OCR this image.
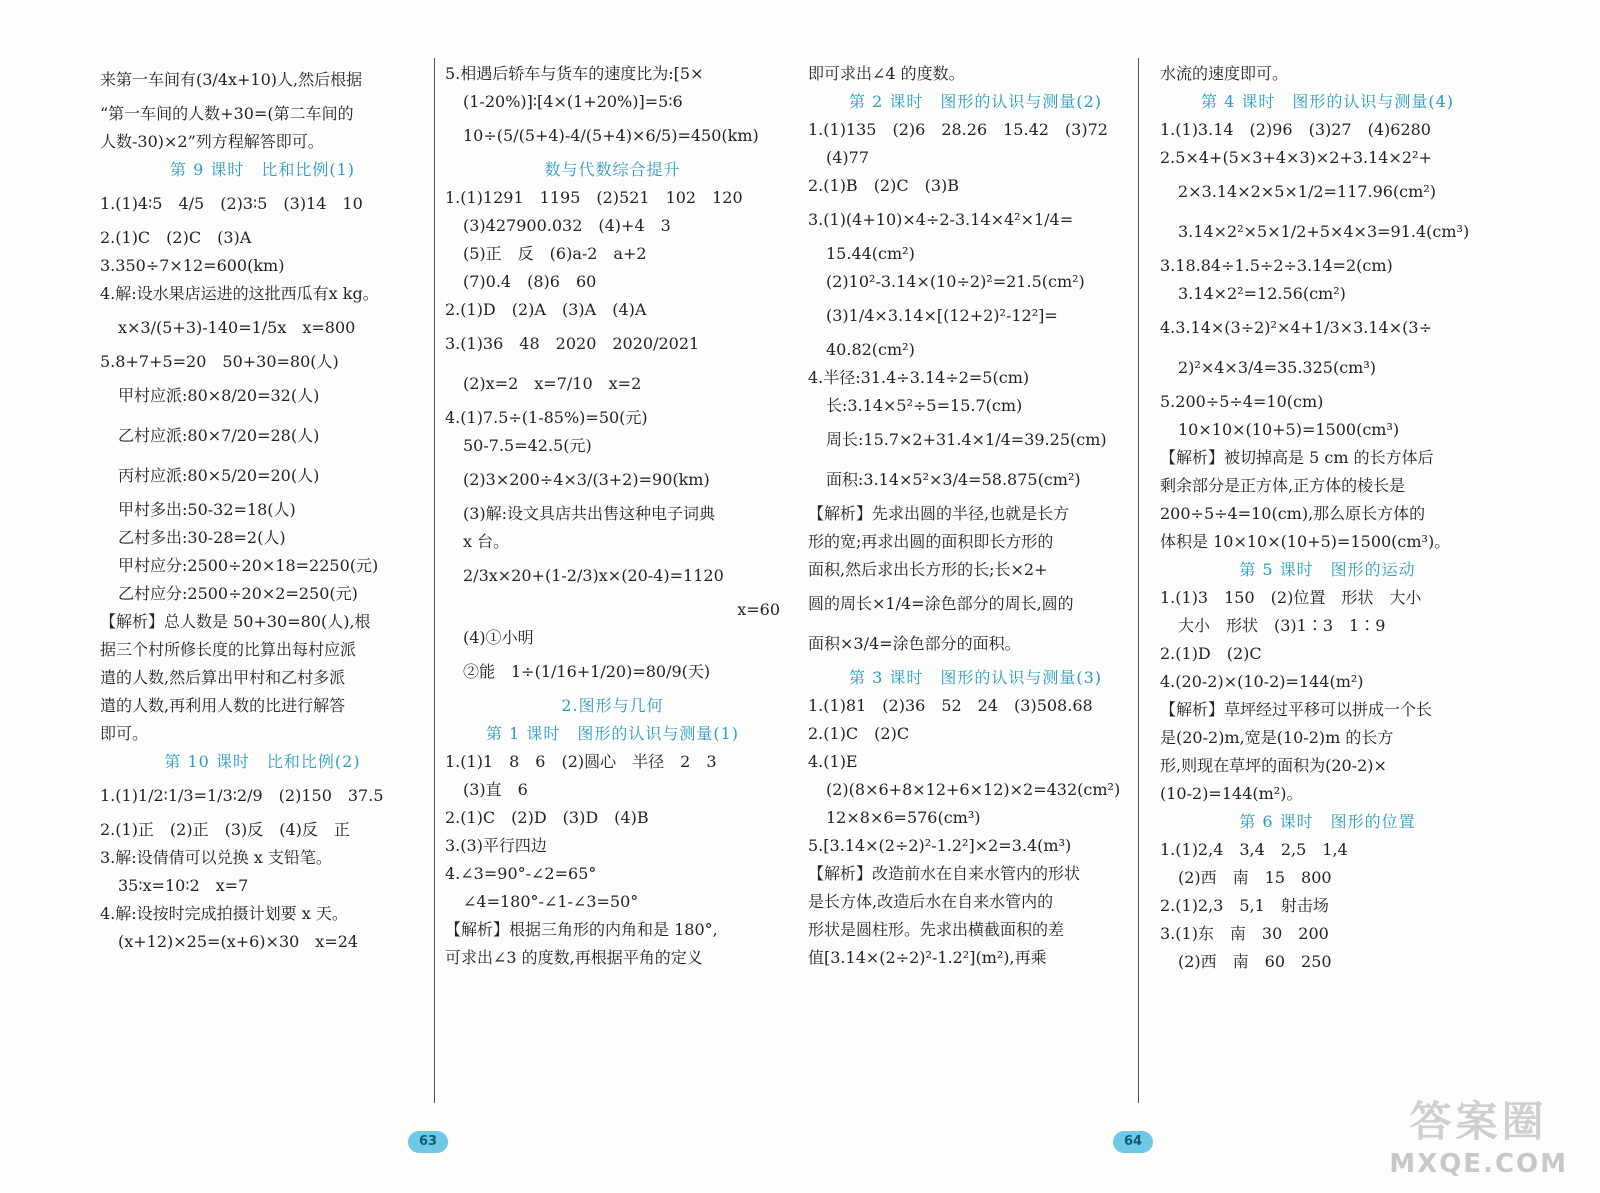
来第一车间有(3/4x+10)人,然后根据
“第一车间的人数+30=(第二车间的
人数-30)×2”列方程解答即可。
第 9 课时　比和比例(1)
1.(1)4∶5　4/5　(2)3∶5　(3)14　10
2.(1)C　(2)C　(3)A
3.350÷7×12=600(km)
4.解:设水果店运进的这批西瓜有x kg。
x×3/(5+3)-140=1/5x　x=800
5.8+7+5=20　50+30=80(人)
甲村应派:80×8/20=32(人)
乙村应派:80×7/20=28(人)
丙村应派:80×5/20=20(人)
甲村多出:50-32=18(人)
乙村多出:30-28=2(人)
甲村应分:2500÷20×18=2250(元)
乙村应分:2500÷20×2=250(元)
【解析】总人数是 50+30=80(人),根
据三个村所修长度的比算出每村应派
遣的人数,然后算出甲村和乙村多派
遣的人数,再利用人数的比进行解答
即可。
第 10 课时　比和比例(2)
1.(1)1/2∶1/3=1/3∶2/9　(2)150　37.5
2.(1)正　(2)正　(3)反　(4)反　正
3.解:设倩倩可以兑换 x 支铅笔。
35∶x=10∶2　x=7
4.解:设按时完成拍摄计划要 x 天。
(x+12)×25=(x+6)×30　x=24
5.相遇后轿车与货车的速度比为:[5×
(1-20%)]∶[4×(1+20%)]=5∶6
10÷(5/(5+4)-4/(5+4)×6/5)=450(km)
数与代数综合提升
1.(1)1291　1195　(2)521　102　120
(3)427900.032　(4)+4　3
(5)正　反　(6)a-2　a+2
(7)0.4　(8)6　60
2.(1)D　(2)A　(3)A　(4)A
3.(1)36　48　2020　2020/2021
(2)x=2　x=7/10　x=2
4.(1)7.5÷(1-85%)=50(元)
50-7.5=42.5(元)
(2)3×200÷4×3/(3+2)=90(km)
(3)解:设文具店共出售这种电子词典
x 台。
2/3x×20+(1-2/3)x×(20-4)=1120
x=60
(4)①小明
②能　1÷(1/16+1/20)=80/9(天)
2.图形与几何
第 1 课时　图形的认识与测量(1)
1.(1)1　8　6　(2)圆心　半径　2　3
(3)直　6
2.(1)C　(2)D　(3)D　(4)B
3.(3)平行四边
4.∠3=90°-∠2=65°
∠4=180°-∠1-∠3=50°
【解析】根据三角形的内角和是 180°,
可求出∠3 的度数,再根据平角的定义
即可求出∠4 的度数。
第 2 课时　图形的认识与测量(2)
1.(1)135　(2)6　28.26　15.42　(3)72
(4)77
2.(1)B　(2)C　(3)B
3.(1)(4+10)×4÷2-3.14×4²×1/4=
15.44(cm²)
(2)10²-3.14×(10÷2)²=21.5(cm²)
(3)1/4×3.14×[(12+2)²-12²]=
40.82(cm²)
4.半径:31.4÷3.14÷2=5(cm)
长:3.14×5²÷5=15.7(cm)
周长:15.7×2+31.4×1/4=39.25(cm)
面积:3.14×5²×3/4=58.875(cm²)
【解析】先求出圆的半径,也就是长方
形的宽;再求出圆的面积即长方形的
面积,然后求出长方形的长;长×2+
圆的周长×1/4=涂色部分的周长,圆的
面积×3/4=涂色部分的面积。
第 3 课时　图形的认识与测量(3)
1.(1)81　(2)36　52　24　(3)508.68
2.(1)C　(2)C
4.(1)E
(2)(8×6+8×12+6×12)×2=432(cm²)
12×8×6=576(cm³)
5.[3.14×(2÷2)²-1.2²]×2=3.4(m³)
【解析】改造前水在自来水管内的形状
是长方体,改造后水在自来水管内的
形状是圆柱形。先求出横截面积的差
值[3.14×(2÷2)²-1.2²](m²),再乘
水流的速度即可。
第 4 课时　图形的认识与测量(4)
1.(1)3.14　(2)96　(3)27　(4)6280
2.5×4+(5×3+4×3)×2+3.14×2²+
2×3.14×2×5×1/2=117.96(cm²)
3.14×2²×5×1/2+5×4×3=91.4(cm³)
3.18.84÷1.5÷2÷3.14=2(cm)
3.14×2²=12.56(cm²)
4.3.14×(3÷2)²×4+1/3×3.14×(3÷
2)²×4×3/4=35.325(cm³)
5.200÷5÷4=10(cm)
10×10×(10+5)=1500(cm³)
【解析】被切掉高是 5 cm 的长方体后
剩余部分是正方体,正方体的棱长是
200÷5÷4=10(cm),那么原长方体的
体积是 10×10×(10+5)=1500(cm³)。
第 5 课时　图形的运动
1.(1)3　150　(2)位置　形状　大小
大小　形状　(3)1∶3　1∶9
2.(1)D　(2)C
4.(20-2)×(10-2)=144(m²)
【解析】草坪经过平移可以拼成一个长
是(20-2)m,宽是(10-2)m 的长方
形,则现在草坪的面积为(20-2)×
(10-2)=144(m²)。
第 6 课时　图形的位置
1.(1)2,4　3,4　2,5　1,4
(2)西　南　15　800
2.(1)2,3　5,1　射击场
3.(1)东　南　30　200
(2)西　南　60　250
63	64	答案圈
MXQE.COM
